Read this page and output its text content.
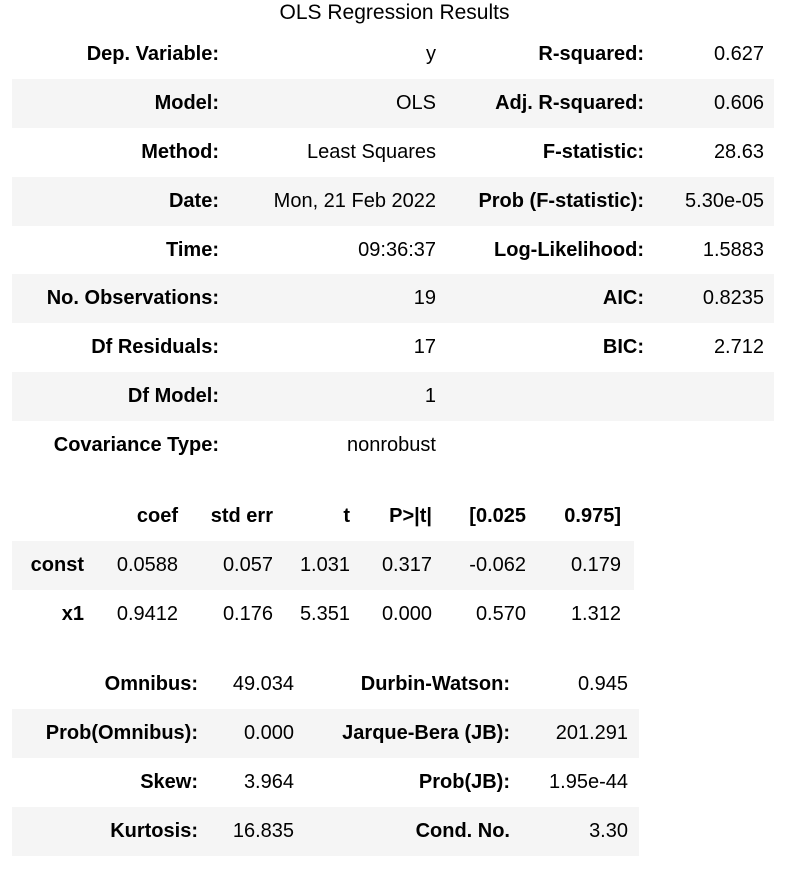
OLS Regression Results
Dep. Variable:	y	R-squared:	0.627
Model:	OLS	Adj. R-squared:	0.606
Method:	Least Squares	F-statistic:	28.63
Date:	Mon, 21 Feb 2022	Prob (F-statistic):	5.30e-05
Time:	09:36:37	Log-Likelihood:	1.5883
No. Observations:	19	AIC:	0.8235
Df Residuals:	17	BIC:	2.712
Df Model:	1		
Covariance Type:	nonrobust		
	coef	std err	t	P>|t|	[0.025	0.975]
const	0.0588	0.057	1.031	0.317	-0.062	0.179
x1	0.9412	0.176	5.351	0.000	0.570	1.312
Omnibus:	49.034	Durbin-Watson:	0.945
Prob(Omnibus):	0.000	Jarque-Bera (JB):	201.291
Skew:	3.964	Prob(JB):	1.95e-44
Kurtosis:	16.835	Cond. No.	3.30
